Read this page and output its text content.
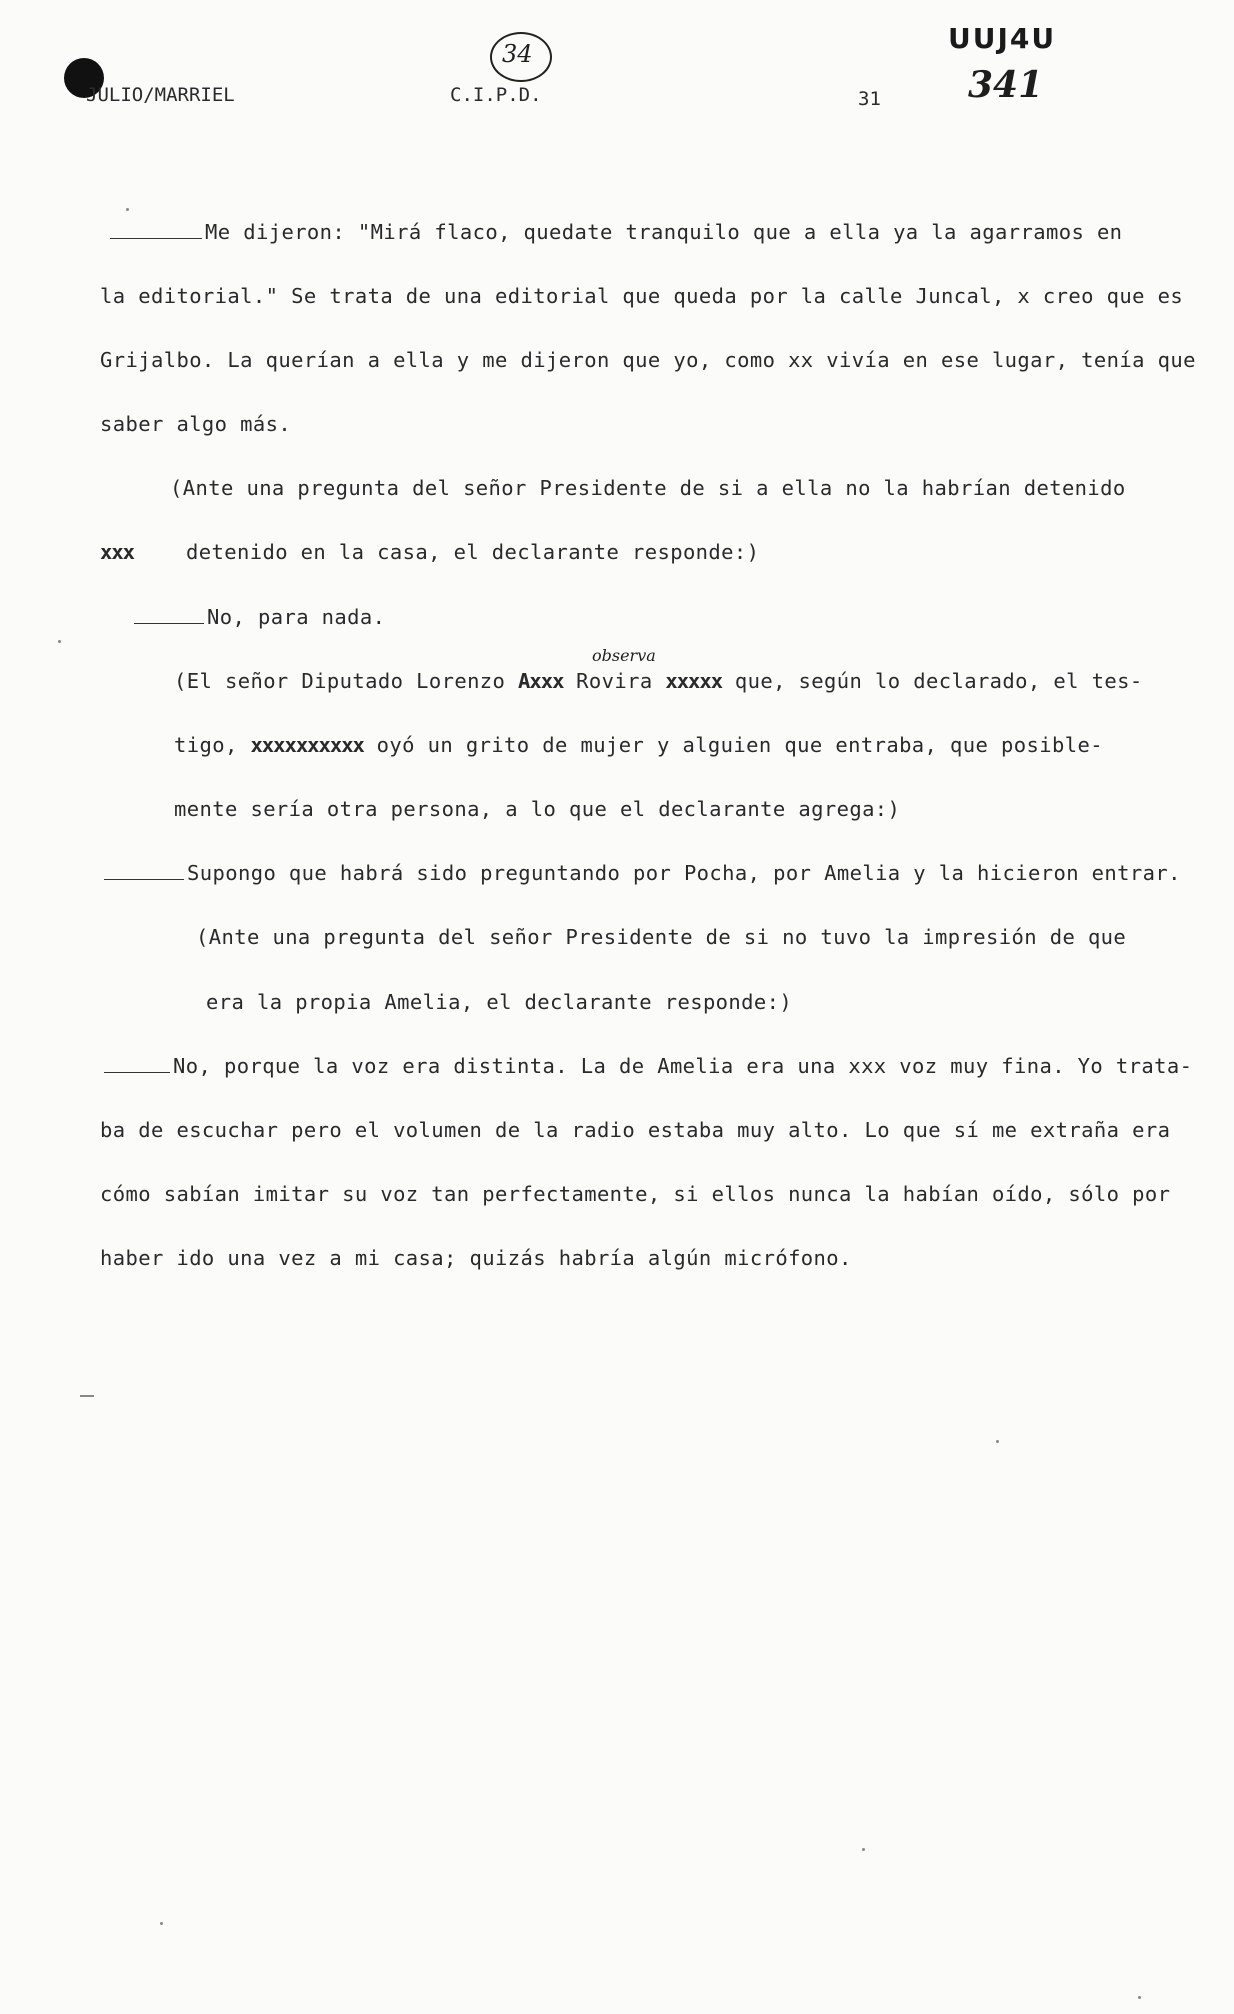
JULIO/MARRIEL	C.I.P.D.	31
34	UUJ4U
341
Me dijeron: "Mirá flaco, quedate tranquilo que a ella ya la agarramos en
la editorial." Se trata de una editorial que queda por la calle Juncal, x creo que es
Grijalbo. La querían a ella y me dijeron que yo, como xx vivía en ese lugar, tenía que
saber algo más.
(Ante una pregunta del señor Presidente de si a ella no la habrían detenido
xxx	detenido en la casa, el declarante responde:)
No, para nada.
observa
(El señor Diputado Lorenzo Axxx Rovira xxxxx que, según lo declarado, el tes-
tigo, xxxxxxxxxx oyó un grito de mujer y alguien que entraba, que posible-
mente sería otra persona, a lo que el declarante agrega:)
Supongo que habrá sido preguntando por Pocha, por Amelia y la hicieron entrar.
(Ante una pregunta del señor Presidente de si no tuvo la impresión de que
era la propia Amelia, el declarante responde:)
No, porque la voz era distinta. La de Amelia era una xxx voz muy fina. Yo trata-
ba de escuchar pero el volumen de la radio estaba muy alto. Lo que sí me extraña era
cómo sabían imitar su voz tan perfectamente, si ellos nunca la habían oído, sólo por
haber ido una vez a mi casa; quizás habría algún micrófono.
